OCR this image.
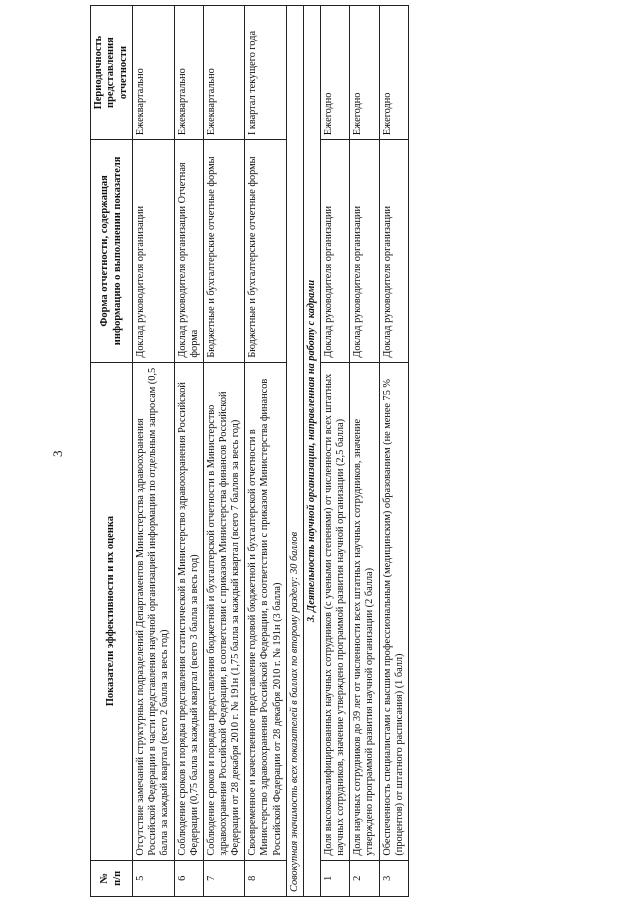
3
№
п/п	Показатели эффективности и их оценка	Форма отчетности, содержащая информацию о выполнении показателя	Периодичность представления отчетности
5	Отсутствие замечаний структурных подразделений Департаментов Министерства здравоохранения Российской Федерации в части представления научной организацией информации по отдельным запросам (0,5 балла за каждый квартал (всего 2 балла за весь год)	Доклад руководителя организации	Ежеквартально
6	Соблюдение сроков и порядка представления статистической в Министерство здравоохранения Российской Федерации (0,75 балла за каждый квартал (всего 3 балла за весь год)	Доклад руководителя организации Отчетная форма	Ежеквартально
7	Соблюдение сроков и порядка представления бюджетной и бухгалтерской отчетности в Министерство здравоохранения Российской Федерации, в соответствии с приказом Министерства финансов Российской Федерации от 28 декабря 2010 г. № 191н (1,75 балла за каждый квартал (всего 7 баллов за весь год)	Бюджетные и бухгалтерские отчетные формы	Ежеквартально
8	Своевременное и качественное представление годовой бюджетной и бухгалтерской отчетности в Министерство здравоохранения Российской Федерации, в соответствии с приказом Министерства финансов Российской Федерации от 28 декабря 2010 г. № 191н (3 балла)	Бюджетные и бухгалтерские отчетные формы	I квартал текущего года
Совокупная значимость всех показателей в баллах по второму разделу: 30 баллов			
3. Деятельность научной организации, направленная на работу с кадрами			
1	Доля высококвалифицированных научных сотрудников (с учеными степенями) от численности всех штатных научных сотрудников, значение утверждено программой развития научной организации (2,5 балла)	Доклад руководителя организации	Ежегодно
2	Доля научных сотрудников до 39 лет от численности всех штатных научных сотрудников, значение утверждено программой развития научной организации (2 балла)	Доклад руководителя организации	Ежегодно
3	Обеспеченность специалистами с высшим профессиональным (медицинским) образованием (не менее 75 % (процентов) от штатного расписания) (1 балл)	Доклад руководителя организации	Ежегодно
